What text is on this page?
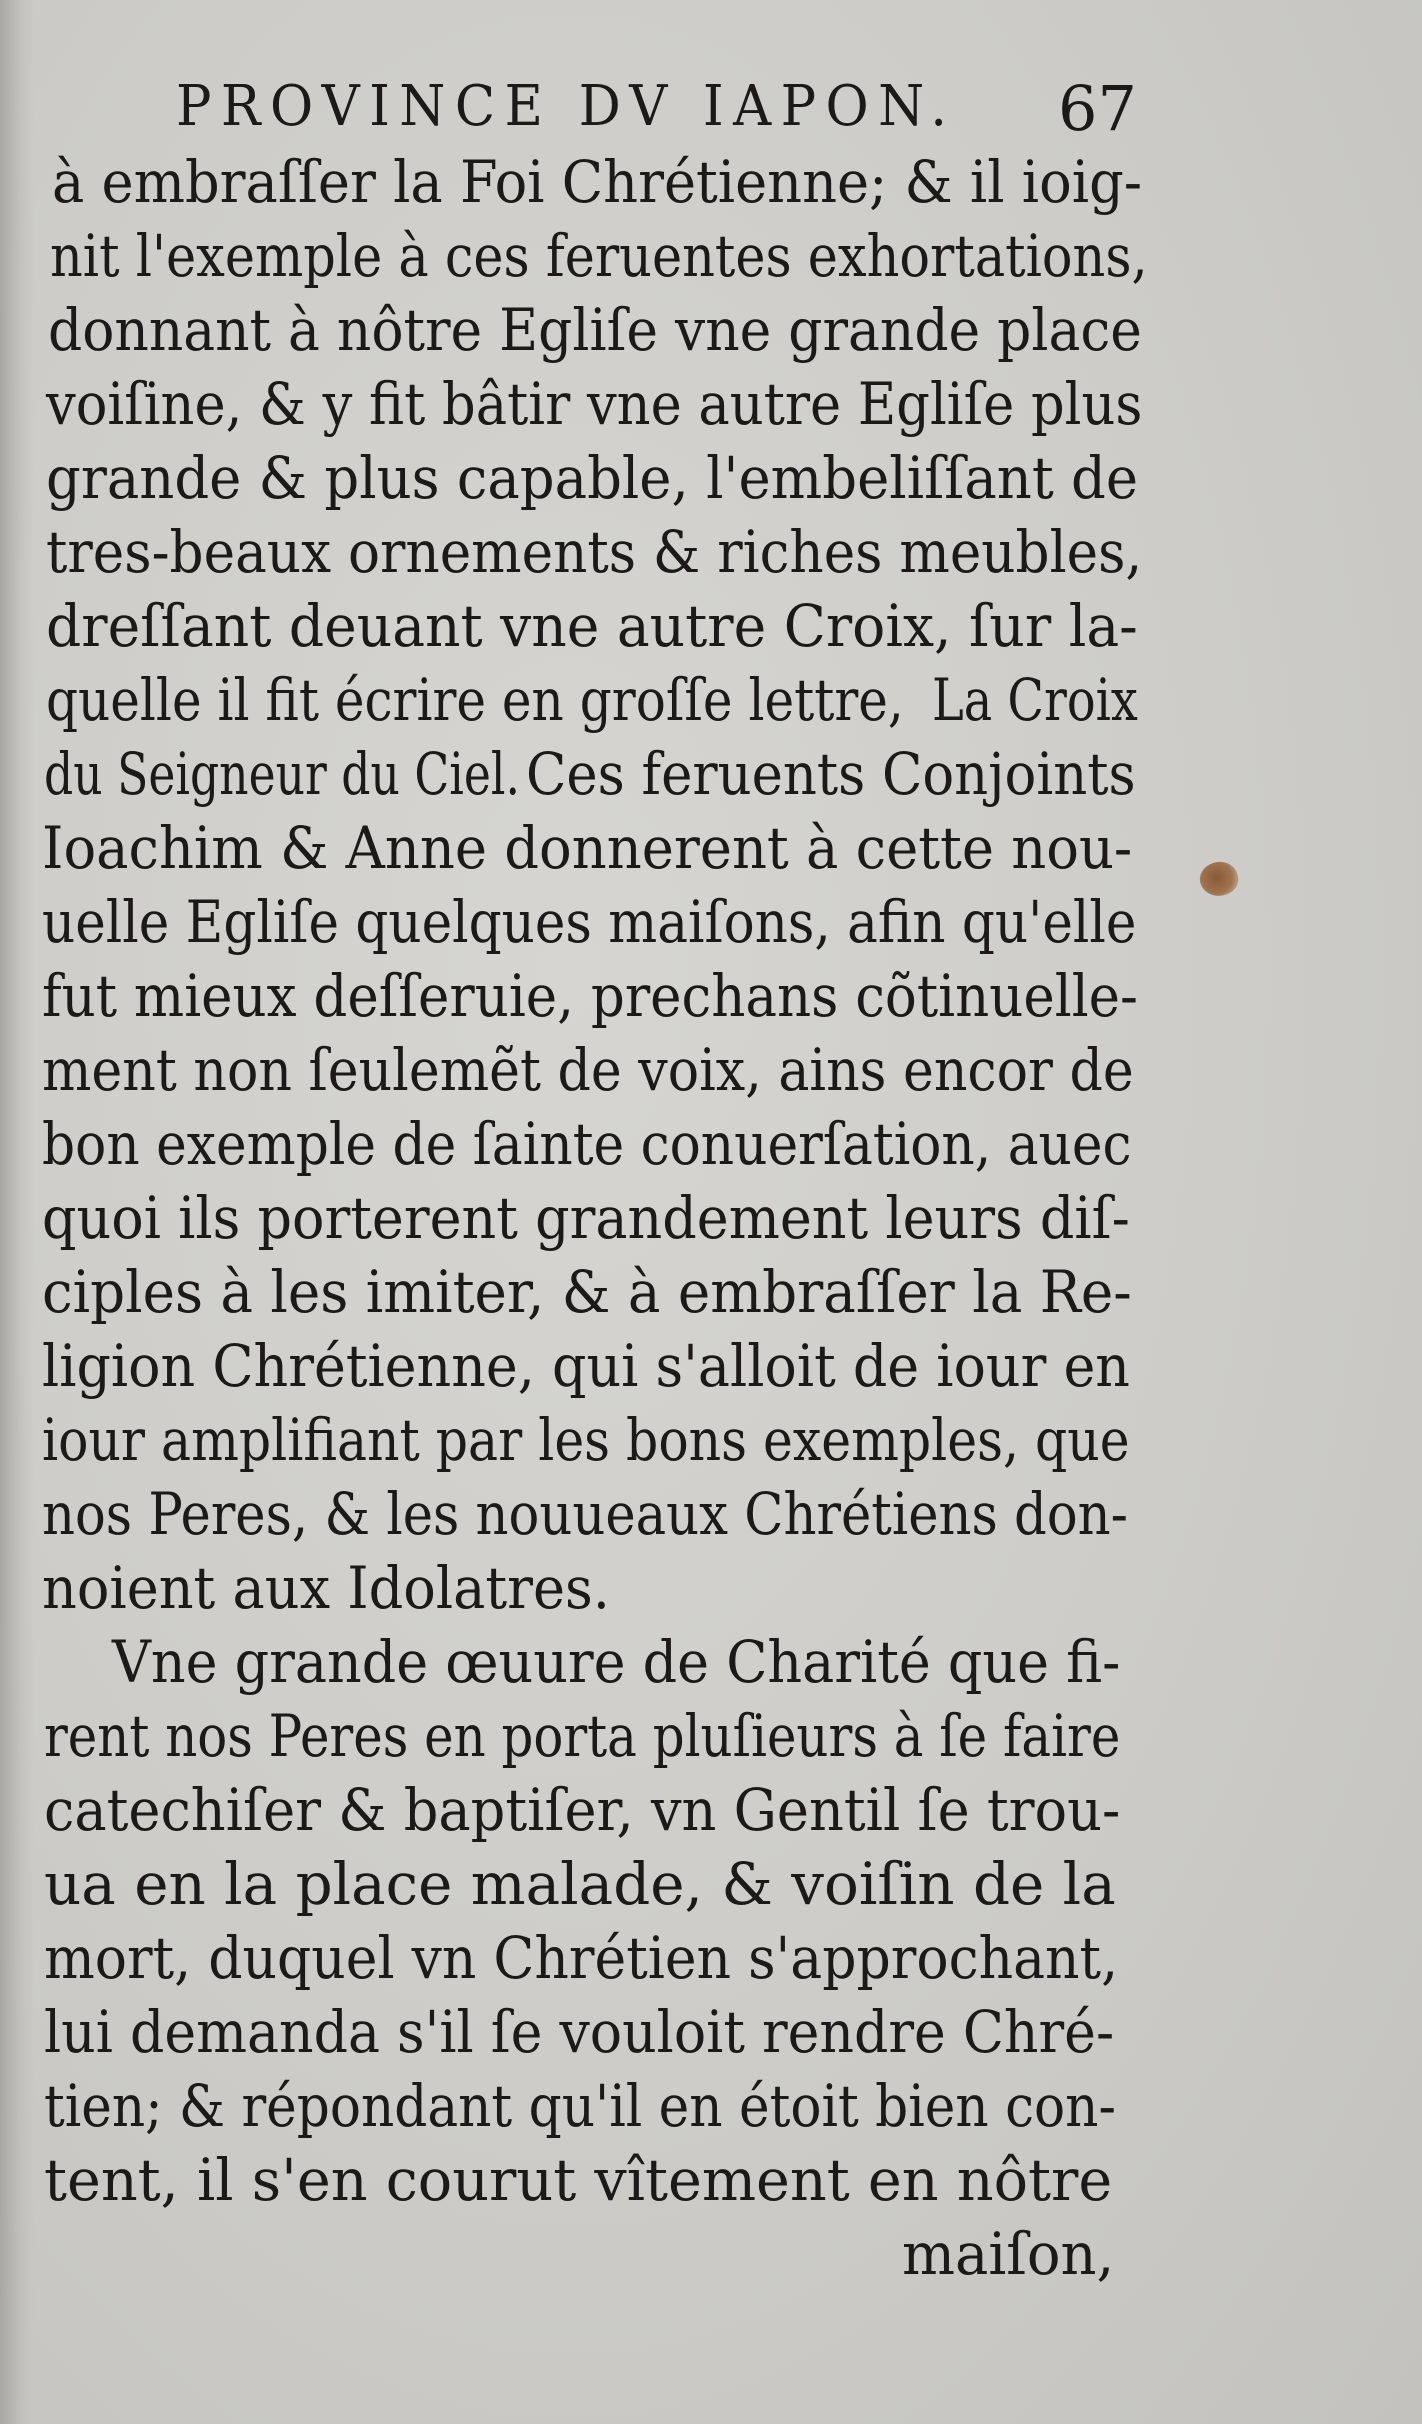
PROVINCE DV IAPON. 67
à embraſſer la Foi Chrétienne; & il ioig-
nit l'exemple à ces feruentes exhortations,
donnant à nôtre Egliſe vne grande place
voiſine, & y fit bâtir vne autre Egliſe plus
grande & plus capable, l'embeliſſant de
tres-beaux ornements & riches meubles,
dreſſant deuant vne autre Croix, ſur la-
quelle il fit écrire en groſſe lettre, La Croix
du Seigneur du Ciel. Ces feruents Conjoints
Ioachim & Anne donnerent à cette nou-
uelle Egliſe quelques maiſons, afin qu'elle
fut mieux deſſeruie, prechans cõtinuelle-
ment non ſeulemẽt de voix, ains encor de
bon exemple de ſainte conuerſation, auec
quoi ils porterent grandement leurs diſ-
ciples à les imiter, & à embraſſer la Re-
ligion Chrétienne, qui s'alloit de iour en
iour amplifiant par les bons exemples, que
nos Peres, & les nouueaux Chrétiens don-
noient aux Idolatres.
Vne grande œuure de Charité que fi-
rent nos Peres en porta pluſieurs à ſe faire
catechiſer & baptiſer, vn Gentil ſe trou-
ua en la place malade, & voiſin de la
mort, duquel vn Chrétien s'approchant,
lui demanda s'il ſe vouloit rendre Chré-
tien; & répondant qu'il en étoit bien con-
tent, il s'en courut vîtement en nôtre
maiſon,
